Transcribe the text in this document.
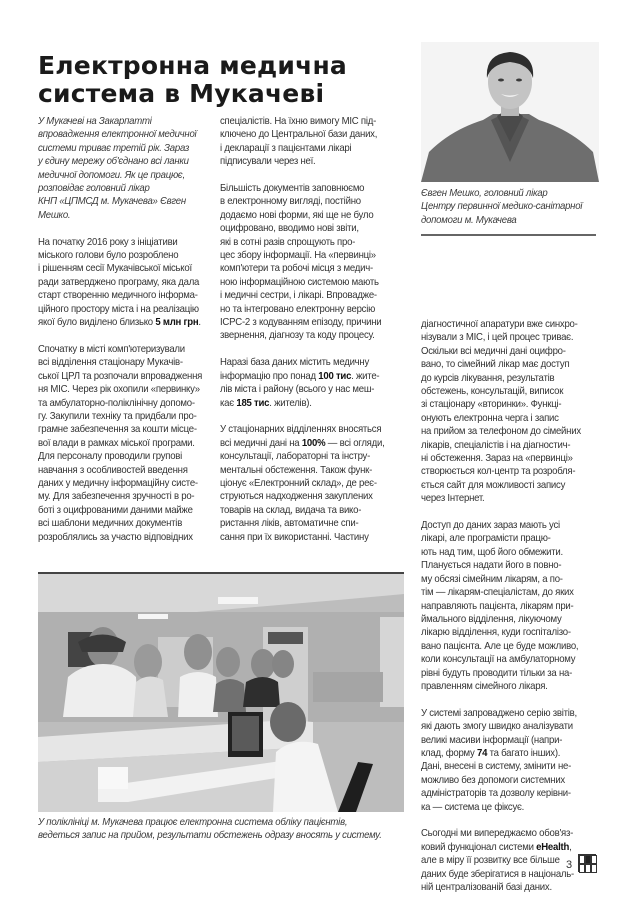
Електронна медична
система в Мукачеві

У Мукачеві на Закарпатті
впровадження електронної медичної
системи триває третій рік. Зараз
у єдину мережу об'єднано всі ланки
медичної допомоги. Як це працює,
розповідає головний лікар
КНП «ЦПМСД м. Мукачева» Євген
Мешко.

На початку 2016 року з ініціативи
міського голови було розроблено
і рішенням сесії Мукачівської міської
ради затверджено програму, яка дала
старт створенню медичного інформа-
ційного простору міста і на реалізацію
якої було виділено близько 5 млн грн.

Спочатку в місті комп'ютеризували
всі відділення стаціонару Мукачів-
ської ЦРЛ та розпочали впровадження
ня МІС. Через рік охопили «первинку»
та амбулаторно-поліклінічну допомо-
гу. Закупили техніку та придбали про-
грамне забезпечення за кошти місце-
вої влади в рамках міської програми.
Для персоналу проводили групові
навчання з особливостей введення
даних у медичну інформаційну систе-
му. Для забезпечення зручності в ро-
боті з оцифрованими даними майже
всі шаблони медичних документів
розроблялись за участю відповідних

спеціалістів. На їхню вимогу МІС під-
ключено до Центральної бази даних,
і декларації з пацієнтами лікарі
підписували через неї.

Більшість документів заповнюємо
в електронному вигляді, постійно
додаємо нові форми, які ще не було
оцифровано, вводимо нові звіти,
які в сотні разів спрощують про-
цес збору інформації. На «первинці»
комп'ютери та робочі місця з медич-
ною інформаційною системою мають
і медичні сестри, і лікарі. Впроваджe-
но та інтегровано електронну версію
ICPC-2 з кодуванням епізоду, причини
звернення, діагнозу та коду процесу.

Наразі база даних містить медичну
інформацію про понад 100 тис. жите-
лів міста і району (всього у нас меш-
кає 185 тис. жителів).

У стаціонарних відділеннях вносяться
всі медичні дані на 100% — всі огляди,
консультації, лабораторні та інстру-
ментальні обстеження. Також функ-
ціонує «Електронний склад», де реє-
струються надходження закуплених
товарів на склад, видача та вико-
ристання ліків, автоматичне спи-
сання при їх використанні. Частину

Євген Мешко, головний лікар
Центру первинної медико-санітарної
допомоги м. Мукачева

діагностичної апаратури вже синхро-
нізували з МІС, і цей процес триває.
Оскільки всі медичні дані оцифро-
вано, то сімейний лікар має доступ
до курсів лікування, результатів
обстежень, консультацій, виписок
зі стаціонару «вторинки». Функці-
онують електронна черга і запис
на прийом за телефоном до сімейних
лікарів, спеціалістів і на діагностич-
ні обстеження. Зараз на «первинці»
створюється кол-центр та розробля-
ється сайт для можливості запису
через Інтернет.

Доступ до даних зараз мають усі
лікарі, але програмісти працю-
ють над тим, щоб його обмежити.
Планується надати його в повно-
му обсязі сімейним лікарям, а по-
тім — лікарям-спеціалістам, до яких
направляють пацієнта, лікарям при-
ймального відділення, лікуючому
лікарю відділення, куди госпіталізо-
вано пацієнта. Але це буде можливо,
коли консультації на амбулаторному
рівні будуть проводити тільки за на-
правленням сімейного лікаря.

У системі запроваджено серію звітів,
які дають змогу швидко аналізувати
великі масиви інформації (напри-
клад, форму 74 та багато інших).
Дані, внесені в систему, змінити не-
можливо без допомоги системних
адміністраторів та дозволу керівни-
ка — система це фіксує.

Сьогодні ми випереджаємо обов'яз-
ковий функціонал системи eHealth,
але в міру її розвитку все більше
даних буде зберігатися в національ-
ній централізованій базі даних.

У поліклініці м. Мукачева працює електронна система обліку пацієнтів,
ведеться запис на прийом, результати обстежень одразу вносять у систему.
3
